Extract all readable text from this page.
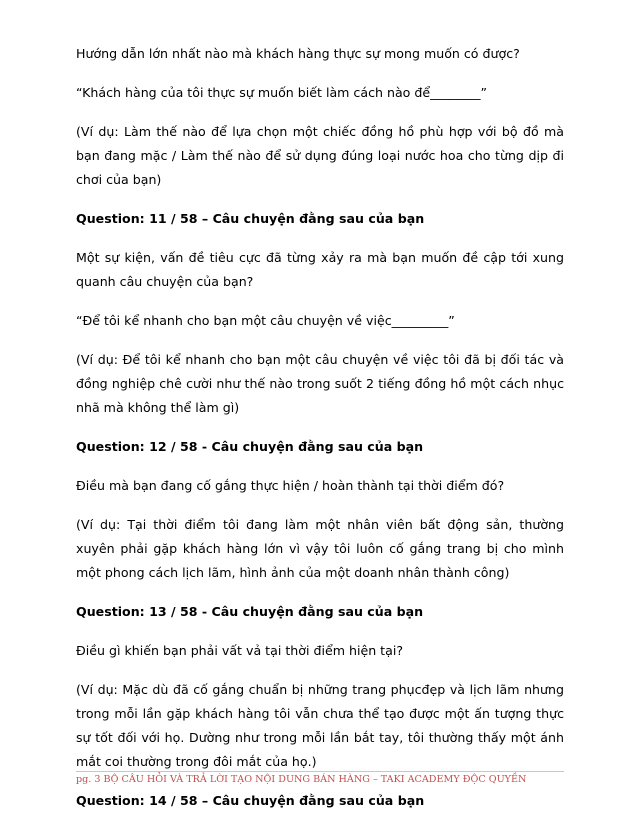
Hướng dẫn lớn nhất nào mà khách hàng thực sự mong muốn có được?

“Khách hàng của tôi thực sự muốn biết làm cách nào để________”

(Ví dụ: Làm thế nào để lựa chọn một chiếc đồng hồ phù hợp với bộ đồ mà bạn đang mặc / Làm thế nào để sử dụng đúng loại nước hoa cho từng dịp đi chơi của bạn)

Question: 11 / 58 – Câu chuyện đằng sau của bạn

Một sự kiện, vấn đề tiêu cực đã từng xảy ra mà bạn muốn đề cập tới xung quanh câu chuyện của bạn?

“Để tôi kể nhanh cho bạn một câu chuyện về việc_________”

(Ví dụ: Để tôi kể nhanh cho bạn một câu chuyện về việc tôi đã bị đối tác và đồng nghiệp chê cười như thế nào trong suốt 2 tiếng đồng hồ một cách nhục nhã mà không thể làm gì)

Question: 12 / 58 - Câu chuyện đằng sau của bạn

Điều mà bạn đang cố gắng thực hiện / hoàn thành tại thời điểm đó?

(Ví dụ: Tại thời điểm tôi đang làm một nhân viên bất động sản, thường xuyên phải gặp khách hàng lớn vì vậy tôi luôn cố gắng trang bị cho mình một phong cách lịch lãm, hình ảnh của một doanh nhân thành công)

Question: 13 / 58 - Câu chuyện đằng sau của bạn

Điều gì khiến bạn phải vất vả tại thời điểm hiện tại?

(Ví dụ: Mặc dù đã cố gắng chuẩn bị những trang phụcđẹp và lịch lãm nhưng trong mỗi lần gặp khách hàng tôi vẫn chưa thể tạo được một ấn tượng thực sự tốt đối với họ. Dường như trong mỗi lần bắt tay, tôi thường thấy một ánh mắt coi thường trong đôi mắt của họ.)

Question: 14 / 58 – Câu chuyện đằng sau của bạn

pg. 3 BỘ CÂU HỎI VÀ TRẢ LỜI TẠO NỘI DUNG BÁN HÀNG – TAKI ACADEMY ĐỘC QUYỀN
